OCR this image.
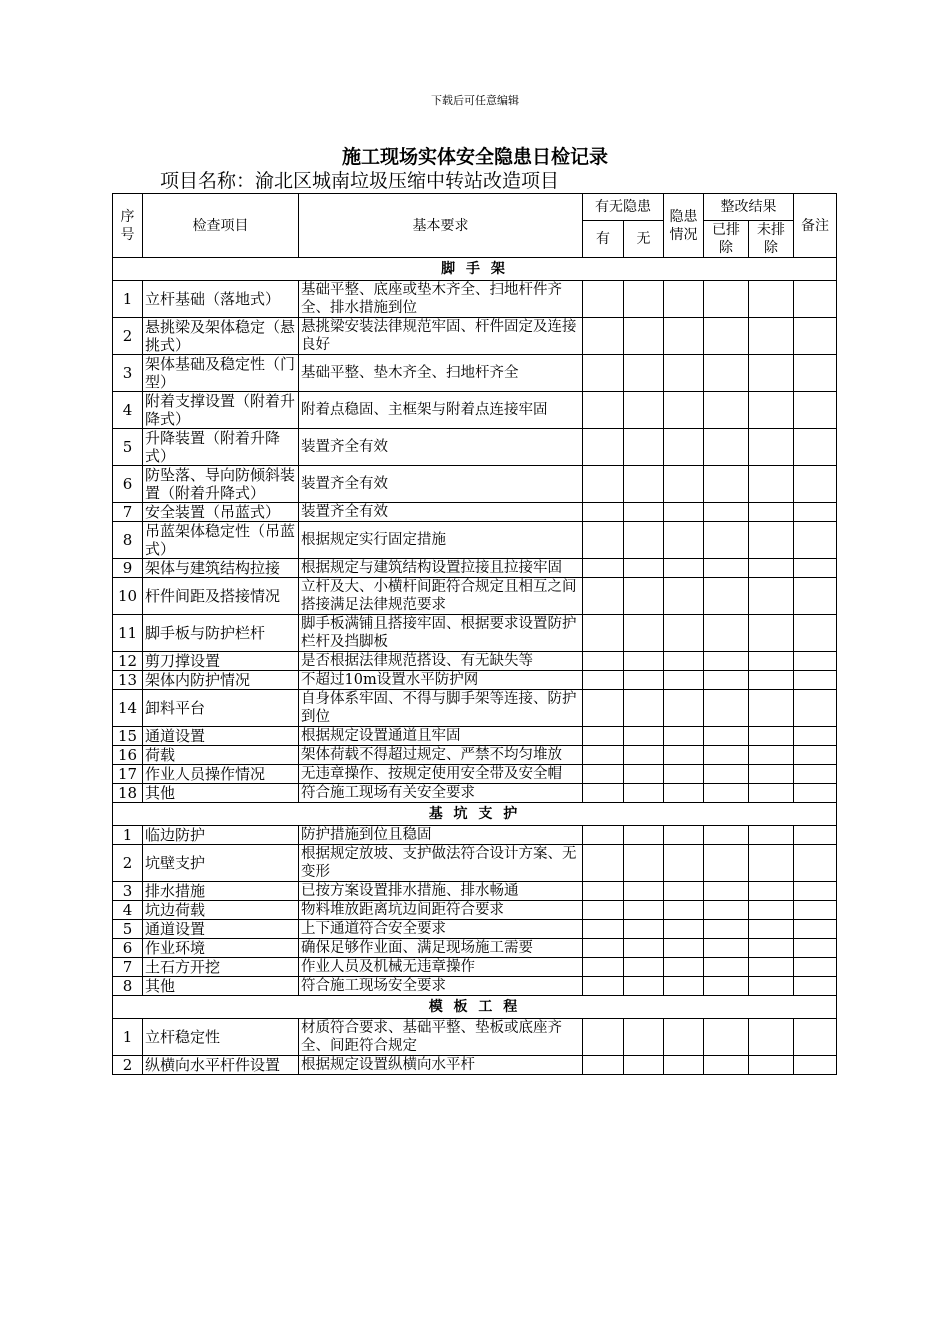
下载后可任意编辑
施工现场实体安全隐患日检记录
项目名称：渝北区城南垃圾压缩中转站改造项目
序号	检查项目	基本要求	有无隐患		隐患情况	整改结果		备注
			有	无		已排除	未排除	
脚 手 架								
1	立杆基础（落地式）	基础平整、底座或垫木齐全、扫地杆件齐全、排水措施到位						
2	悬挑梁及架体稳定（悬挑式）	悬挑梁安装法律规范牢固、杆件固定及连接良好						
3	架体基础及稳定性（门型）	基础平整、垫木齐全、扫地杆齐全						
4	附着支撑设置（附着升降式）	附着点稳固、主框架与附着点连接牢固						
5	升降装置（附着升降式）	装置齐全有效						
6	防坠落、导向防倾斜装置（附着升降式）	装置齐全有效						
7	安全装置（吊蓝式）	装置齐全有效						
8	吊蓝架体稳定性（吊蓝式）	根据规定实行固定措施						
9	架体与建筑结构拉接	根据规定与建筑结构设置拉接且拉接牢固						
10	杆件间距及搭接情况	立杆及大、小横杆间距符合规定且相互之间搭接满足法律规范要求						
11	脚手板与防护栏杆	脚手板满铺且搭接牢固、根据要求设置防护栏杆及挡脚板						
12	剪刀撑设置	是否根据法律规范搭设、有无缺失等						
13	架体内防护情况	不超过10m设置水平防护网						
14	卸料平台	自身体系牢固、不得与脚手架等连接、防护到位						
15	通道设置	根据规定设置通道且牢固						
16	荷载	架体荷载不得超过规定、严禁不均匀堆放						
17	作业人员操作情况	无违章操作、按规定使用安全带及安全帽						
18	其他	符合施工现场有关安全要求						
基 坑 支 护								
1	临边防护	防护措施到位且稳固						
2	坑壁支护	根据规定放坡、支护做法符合设计方案、无变形						
3	排水措施	已按方案设置排水措施、排水畅通						
4	坑边荷载	物料堆放距离坑边间距符合要求						
5	通道设置	上下通道符合安全要求						
6	作业环境	确保足够作业面、满足现场施工需要						
7	土石方开挖	作业人员及机械无违章操作						
8	其他	符合施工现场安全要求						
模 板 工 程								
1	立杆稳定性	材质符合要求、基础平整、垫板或底座齐全、间距符合规定						
2	纵横向水平杆件设置	根据规定设置纵横向水平杆						
